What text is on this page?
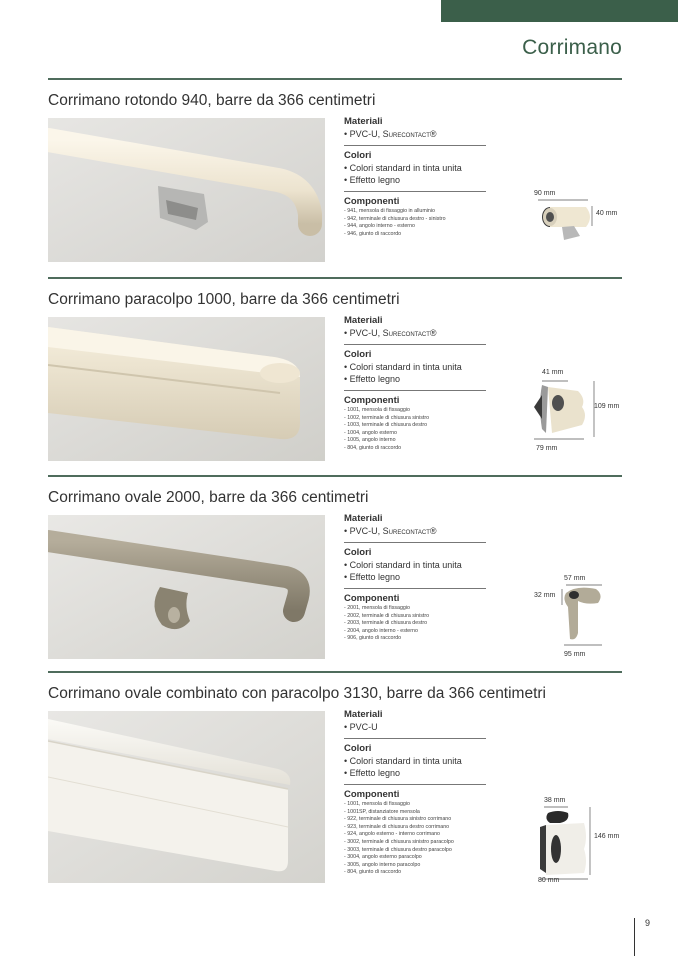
Corrimano
Corrimano rotondo 940, barre da 366 centimetri

Materiali

• PVC-U, Surecontact®

Colori

• Colori standard in tinta unita

• Effetto legno

Componenti

- 941, mensola di fissaggio in alluminio

- 942, terminale di chiusura destro - sinistro

- 944, angolo interno - esterno

- 946, giunto di raccordo

90 mm
40 mm
Corrimano paracolpo 1000, barre da 366 centimetri

Materiali

• PVC-U, Surecontact®

Colori

• Colori standard in tinta unita

• Effetto legno

Componenti

- 1001, mensola di fissaggio

- 1002, terminale di chiusura sinistro

- 1003, terminale di chiusura destro

- 1004, angolo esterno

- 1005, angolo interno

- 804, giunto di raccordo

41 mm
109 mm
79 mm
Corrimano ovale 2000, barre da 366 centimetri

Materiali

• PVC-U, Surecontact®

Colori

• Colori standard in tinta unita

• Effetto legno

Componenti

- 2001, mensola di fissaggio

- 2002, terminale di chiusura sinistro

- 2003, terminale di chiusura destro

- 2004, angolo interno - esterno

- 906, giunto di raccordo

57 mm
32 mm
95 mm
Corrimano ovale combinato con paracolpo 3130, barre da 366 centimetri

Materiali

• PVC-U

Colori

• Colori standard in tinta unita

• Effetto legno

Componenti

- 1001, mensola di fissaggio

- 1001SP, distanziatore mensola

- 922, terminale di chiusura sinistro corrimano

- 923, terminale di chiusura destro corrimano

- 924, angolo esterno - interno corrimano

- 3002, terminale di chiusura sinistro paracolpo

- 3003, terminale di chiusura destro paracolpo

- 3004, angolo esterno paracolpo

- 3005, angolo interno paracolpo

- 804, giunto di raccordo

38 mm
146 mm
80 mm
9
